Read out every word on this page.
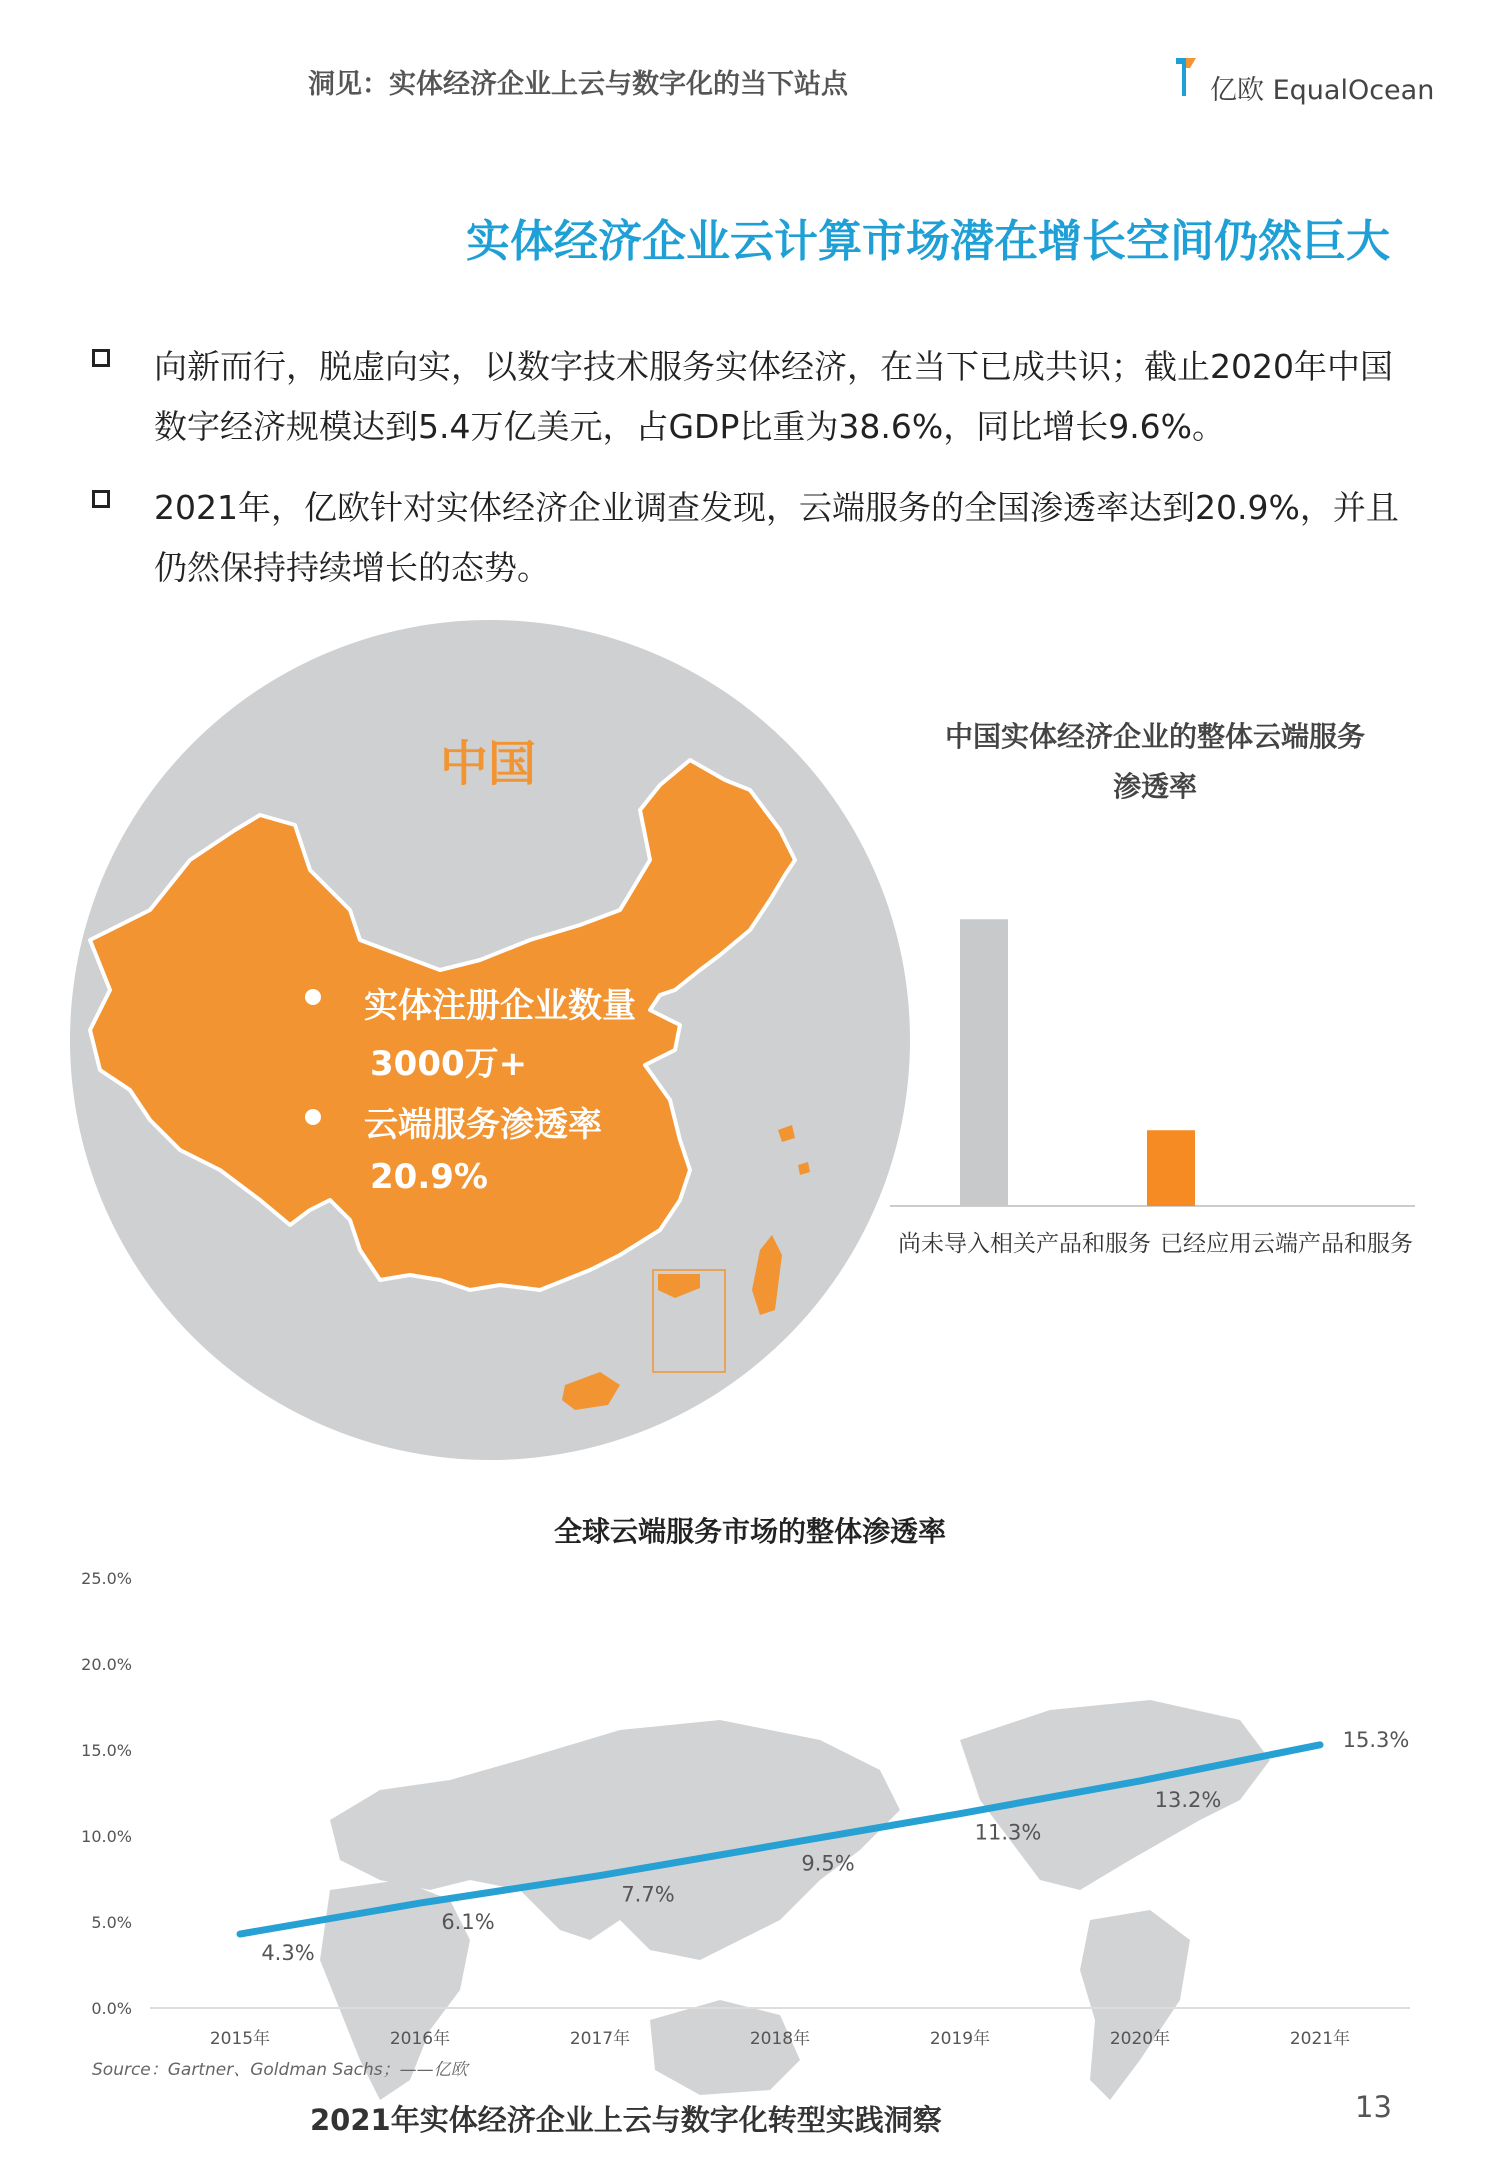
洞见：实体经济企业上云与数字化的当下站点	亿欧 EqualOcean
实体经济企业云计算市场潜在增长空间仍然巨大
向新而行，脱虚向实，以数字技术服务实体经济，在当下已成共识；截止2020年中国数字经济规模达到5.4万亿美元，占GDP比重为38.6%，同比增长9.6%。
2021年，亿欧针对实体经济企业调查发现，云端服务的全国渗透率达到20.9%，并且仍然保持持续增长的态势。
中国
实体注册企业数量
3000万+
云端服务渗透率
20.9%
中国实体经济企业的整体云端服务渗透率
尚未导入相关产品和服务 已经应用云端产品和服务
全球云端服务市场的整体渗透率
0.0%
5.0%
10.0%
15.0%
20.0%
25.0%
2015年	2016年	2017年	2018年	2019年	2020年	2021年
4.3%
6.1%
7.7%
9.5%
11.3%
13.2%
15.3%
Source：Gartner、Goldman Sachs；——亿欧
2021年实体经济企业上云与数字化转型实践洞察	13
